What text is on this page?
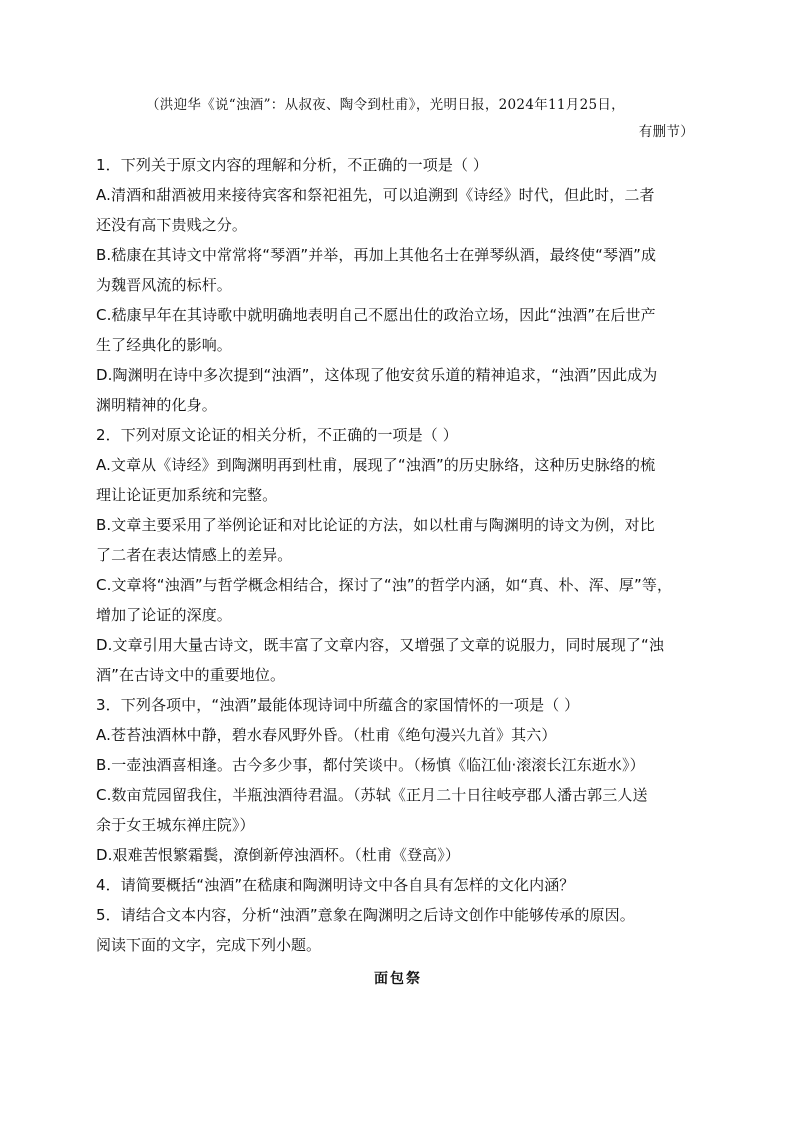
（洪迎华《说“浊酒”：从叔夜、陶令到杜甫》，光明日报，2024年11月25日，
有删节）
1．下列关于原文内容的理解和分析，不正确的一项是（ ）
A.清酒和甜酒被用来接待宾客和祭祀祖先，可以追溯到《诗经》时代，但此时，二者
还没有高下贵贱之分。
B.嵇康在其诗文中常常将“琴酒”并举，再加上其他名士在弹琴纵酒，最终使“琴酒”成
为魏晋风流的标杆。
C.嵇康早年在其诗歌中就明确地表明自己不愿出仕的政治立场，因此“浊酒”在后世产
生了经典化的影响。
D.陶渊明在诗中多次提到“浊酒”，这体现了他安贫乐道的精神追求，“浊酒”因此成为
渊明精神的化身。
2．下列对原文论证的相关分析，不正确的一项是（ ）
A.文章从《诗经》到陶渊明再到杜甫，展现了“浊酒”的历史脉络，这种历史脉络的梳
理让论证更加系统和完整。
B.文章主要采用了举例论证和对比论证的方法，如以杜甫与陶渊明的诗文为例，对比
了二者在表达情感上的差异。
C.文章将“浊酒”与哲学概念相结合，探讨了“浊”的哲学内涵，如“真、朴、浑、厚”等，
增加了论证的深度。
D.文章引用大量古诗文，既丰富了文章内容，又增强了文章的说服力，同时展现了“浊
酒”在古诗文中的重要地位。
3．下列各项中，“浊酒”最能体现诗词中所蕴含的家国情怀的一项是（ ）
A.苍苔浊酒林中静，碧水春风野外昏。（杜甫《绝句漫兴九首》其六）
B.一壶浊酒喜相逢。古今多少事，都付笑谈中。（杨慎《临江仙·滚滚长江东逝水》）
C.数亩荒园留我住，半瓶浊酒待君温。（苏轼《正月二十日往岐亭郡人潘古郭三人送
余于女王城东禅庄院》）
D.艰难苦恨繁霜鬓，潦倒新停浊酒杯。（杜甫《登高》）
4．请简要概括“浊酒”在嵇康和陶渊明诗文中各自具有怎样的文化内涵？
5．请结合文本内容，分析“浊酒”意象在陶渊明之后诗文创作中能够传承的原因。

阅读下面的文字，完成下列小题。

面包祭
